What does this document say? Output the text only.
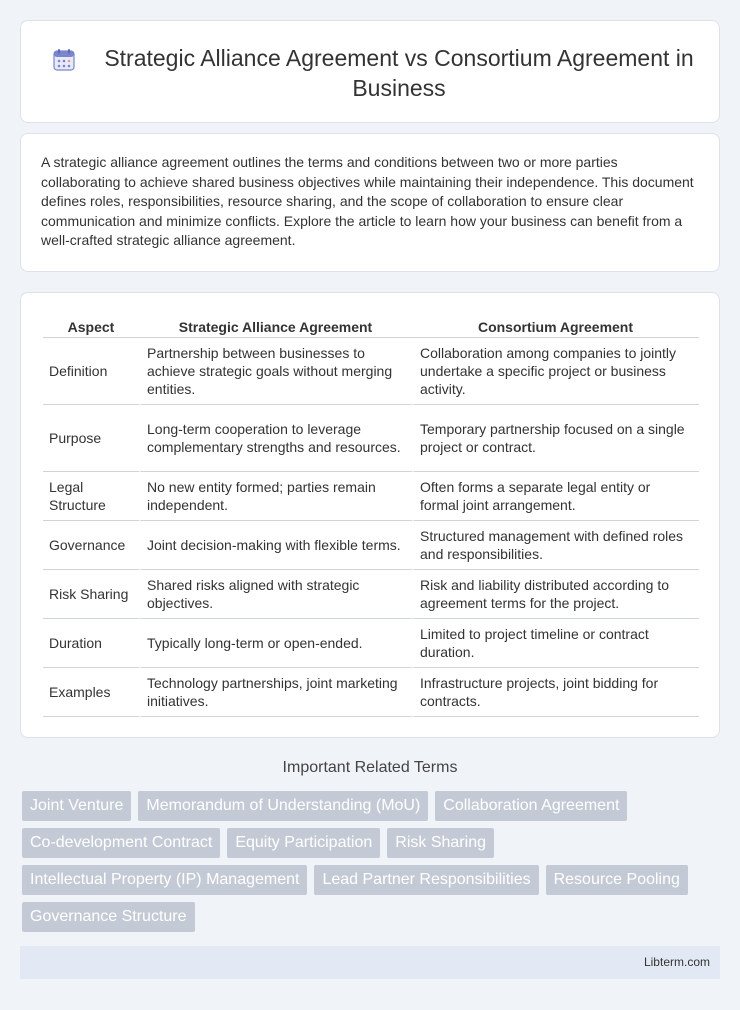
Strategic Alliance Agreement vs Consortium Agreement in Business

A strategic alliance agreement outlines the terms and conditions between two or more parties collaborating to achieve shared business objectives while maintaining their independence. This document defines roles, responsibilities, resource sharing, and the scope of collaboration to ensure clear communication and minimize conflicts. Explore the article to learn how your business can benefit from a well-crafted strategic alliance agreement.

Aspect	Strategic Alliance Agreement	Consortium Agreement
Definition	Partnership between businesses to achieve strategic goals without merging entities.	Collaboration among companies to jointly undertake a specific project or business activity.
Purpose	Long-term cooperation to leverage complementary strengths and resources.	Temporary partnership focused on a single project or contract.
Legal Structure	No new entity formed; parties remain independent.	Often forms a separate legal entity or formal joint arrangement.
Governance	Joint decision-making with flexible terms.	Structured management with defined roles and responsibilities.
Risk Sharing	Shared risks aligned with strategic objectives.	Risk and liability distributed according to agreement terms for the project.
Duration	Typically long-term or open-ended.	Limited to project timeline or contract duration.
Examples	Technology partnerships, joint marketing initiatives.	Infrastructure projects, joint bidding for contracts.
Important Related Terms
Joint Venture	Memorandum of Understanding (MoU)	Collaboration Agreement
Co-development Contract	Equity Participation	Risk Sharing
Intellectual Property (IP) Management	Lead Partner Responsibilities	Resource Pooling
Governance Structure
Libterm.com
